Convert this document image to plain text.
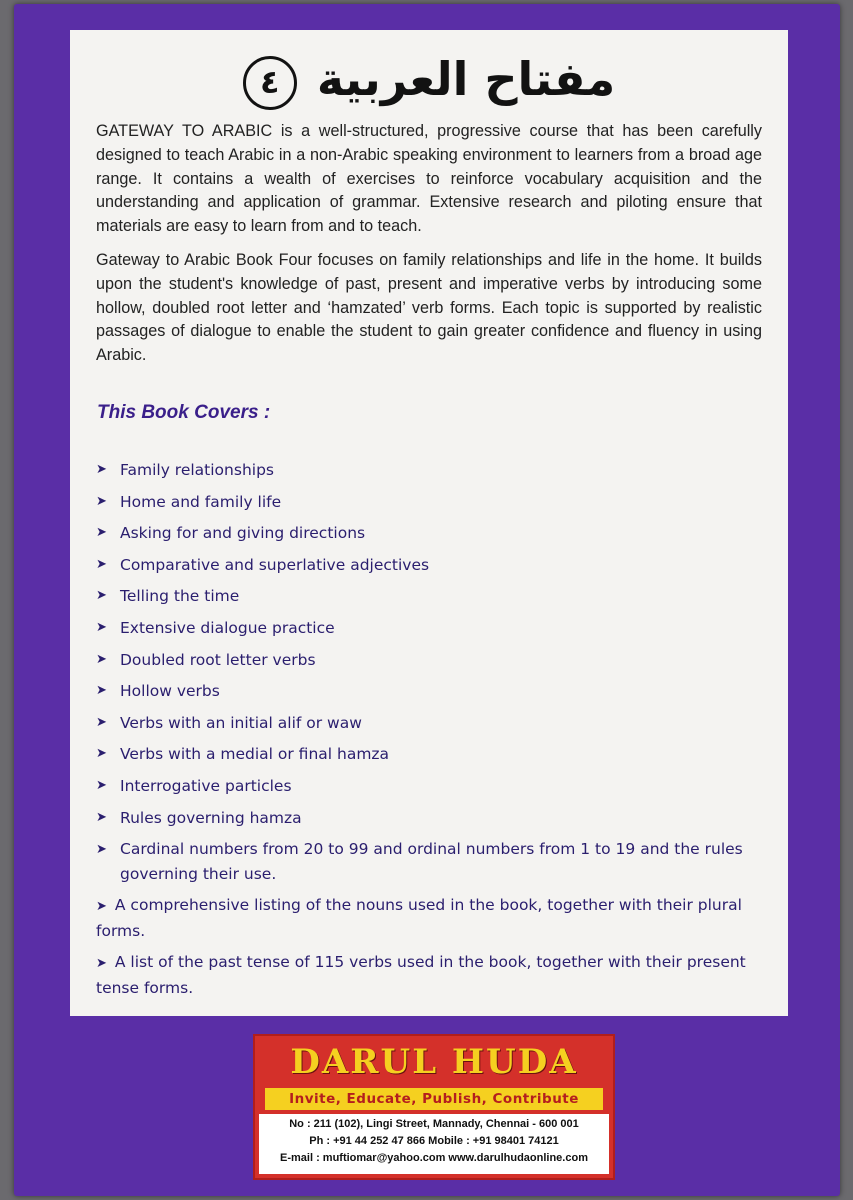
مفتاح العربية ٤
GATEWAY TO ARABIC is a well-structured, progressive course that has been carefully designed to teach Arabic in a non-Arabic speaking environment to learners from a broad age range. It contains a wealth of exercises to reinforce vocabulary acquisition and the understanding and application of grammar. Extensive research and piloting ensure that materials are easy to learn from and to teach.
Gateway to Arabic Book Four focuses on family relationships and life in the home. It builds upon the student's knowledge of past, present and imperative verbs by introducing some hollow, doubled root letter and ‘hamzated’ verb forms. Each topic is supported by realistic passages of dialogue to enable the student to gain greater confidence and fluency in using Arabic.
This Book Covers :
➤ Family relationships
➤ Home and family life
➤ Asking for and giving directions
➤ Comparative and superlative adjectives
➤ Telling the time
➤ Extensive dialogue practice
➤ Doubled root letter verbs
➤ Hollow verbs
➤ Verbs with an initial alif or waw
➤ Verbs with a medial or final hamza
➤ Interrogative particles
➤ Rules governing hamza
➤ Cardinal numbers from 20 to 99 and ordinal numbers from 1 to 19 and the rules governing their use.
➤ A comprehensive listing of the nouns used in the book, together with their plural forms.
➤ A list of the past tense of 115 verbs used in the book, together with their present tense forms.
DARUL HUDA
Invite, Educate, Publish, Contribute
No : 211 (102), Lingi Street, Mannady, Chennai - 600 001
Ph : +91 44 252 47 866 Mobile : +91 98401 74121
E-mail : muftiomar@yahoo.com www.darulhudaonline.com
